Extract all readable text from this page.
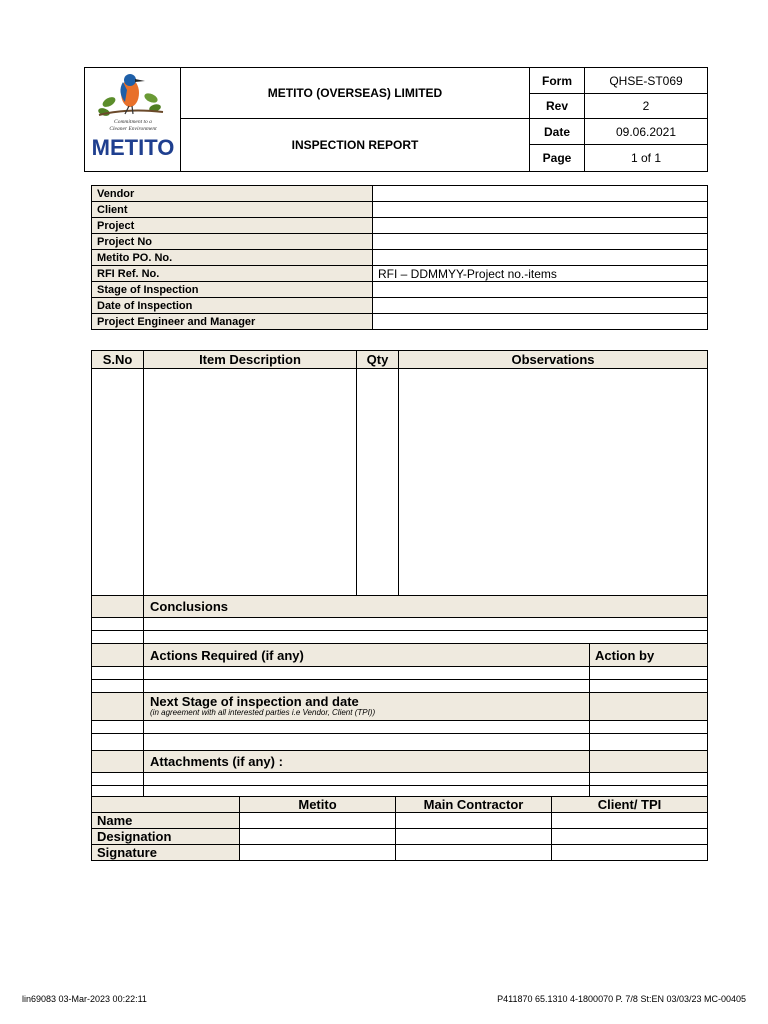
Commitment to a
Cleaner Environment
METITO	METITO (OVERSEAS) LIMITED	Form	QHSE-ST069
		Rev	2
	INSPECTION REPORT	Date	09.06.2021
		Page	1 of 1
Vendor	
Client	
Project	
Project No	
Metito PO. No.	
RFI Ref. No.	RFI – DDMMYY-Project no.-items
Stage of Inspection	
Date of Inspection	
Project Engineer and Manager	
S.No	Item Description	Qty	Observations	

	Conclusions			

	Actions Required (if any)			Action by

	Next Stage of inspection and date
(in agreement with all interested parties i.e Vendor, Client (TPI))			

	Attachments (if any) :			

	Metito	Main Contractor	Client/ TPI
Name			
Designation			
Signature			
lin69083 03-Mar-2023 00:22:11	P411870 65.1310 4-1800070 P. 7/8 St:EN 03/03/23 MC-00405
